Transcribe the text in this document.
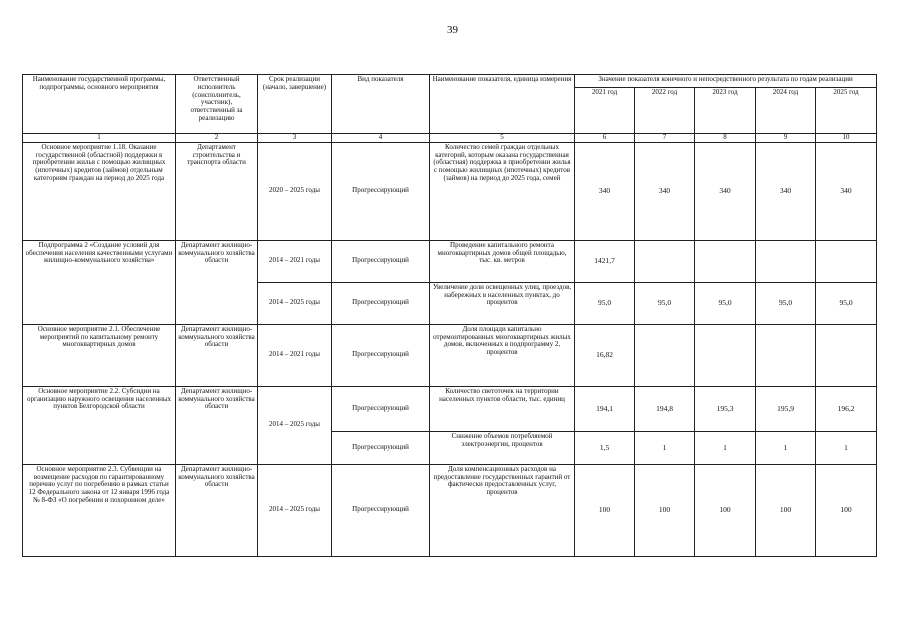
39
Наименование государственной программы, подпрограммы, основного мероприятия	Ответственный исполнитель (соисполнитель, участник), ответственный за реализацию	Срок реализации (начало, завершение)	Вид показателя	Наименование показателя, единица измерения	Значение показателя конечного и непосредственного результата по годам реализации				
					2021 год	2022 год	2023 год	2024 год	2025 год
1	2	3	4	5	6	7	8	9	10
Основное мероприятие 1.18. Оказание государственной (областной) поддержки в приобретении жилья с помощью жилищных (ипотечных) кредитов (займов) отдельным категориям граждан на период до 2025 года	Департамент строительства и транспорта области	2020 – 2025 годы	Прогрессирующий	Количество семей граждан отдельных категорий, которым оказана государственная (областная) поддержка в приобретении жилья с помощью жилищных (ипотечных) кредитов (займов) на период до 2025 года, семей	340	340	340	340	340
Подпрограмма 2 «Создание условий для обеспечения населения качественными услугами жилищно-коммунального хозяйства»	Департамент жилищно-коммунального хозяйства области	2014 – 2021 годы	Прогрессирующий	Проведение капитального ремонта многоквартирных домов общей площадью, тыс. кв. метров	1421,7				
		2014 – 2025 годы	Прогрессирующий	Увеличение доли освещенных улиц, проездов, набережных в населенных пунктах, до процентов	95,0	95,0	95,0	95,0	95,0
Основное мероприятие 2.1. Обеспечение мероприятий по капитальному ремонту многоквартирных домов	Департамент жилищно-коммунального хозяйства области	2014 – 2021 годы	Прогрессирующий	Доля площади капитально отремонтированных многоквартирных жилых домов, включенных в подпрограмму 2, процентов	16,82				
Основное мероприятие 2.2. Субсидии на организацию наружного освещения населенных пунктов Белгородской области	Департамент жилищно-коммунального хозяйства области	2014 – 2025 годы	Прогрессирующий	Количество светоточек на территории населенных пунктов области, тыс. единиц	194,1	194,8	195,3	195,9	196,2
			Прогрессирующий	Снижение объемов потребляемой электроэнергии, процентов	1,5	1	1	1	1
Основное мероприятие 2.3. Субвенции на возмещение расходов по гарантированному перечню услуг по погребению в рамках статьи 12 Федерального закона от 12 января 1996 года № 8-ФЗ «О погребении и похоронном деле»	Департамент жилищно-коммунального хозяйства области	2014 – 2025 годы	Прогрессирующий	Доля компенсационных расходов на предоставление государственных гарантий от фактически предоставленных услуг, процентов	100	100	100	100	100
